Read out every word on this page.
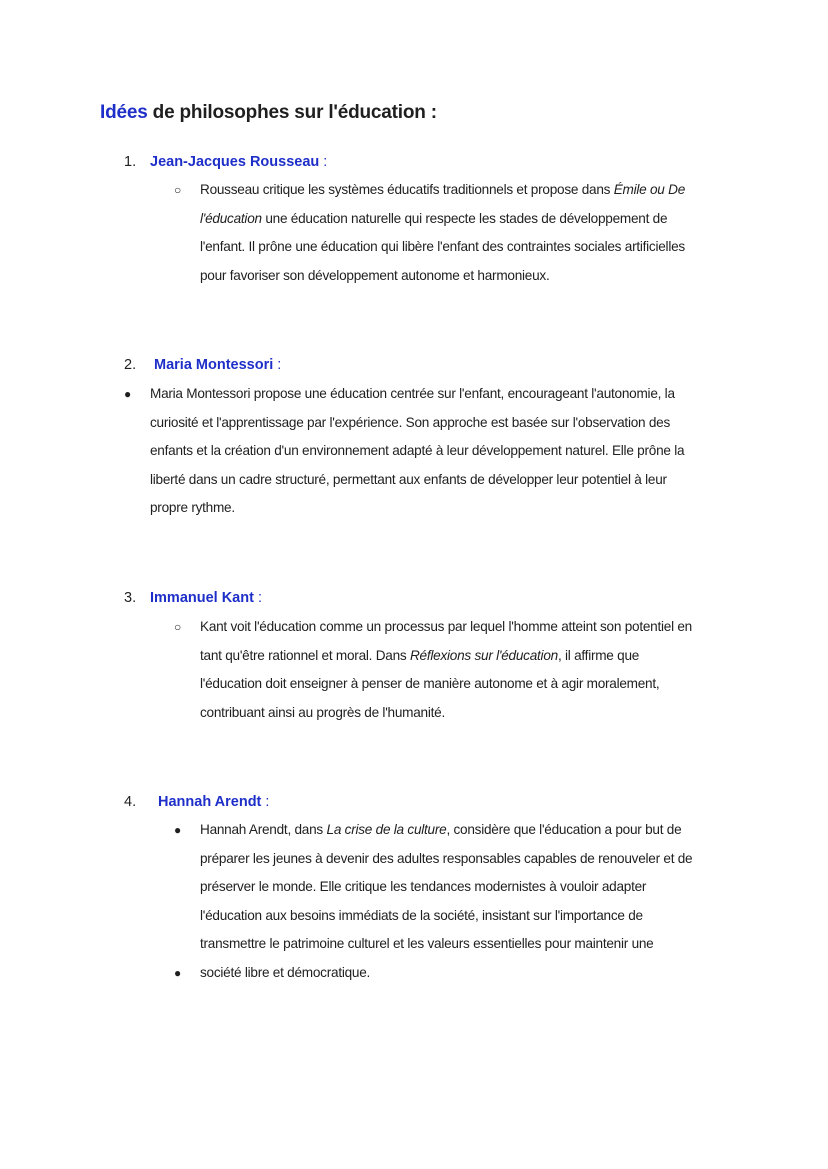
Idées de philosophes sur l'éducation :
1. Jean-Jacques Rousseau :
○ Rousseau critique les systèmes éducatifs traditionnels et propose dans Émile ou De
l'éducation une éducation naturelle qui respecte les stades de développement de
l'enfant. Il prône une éducation qui libère l'enfant des contraintes sociales artificielles
pour favoriser son développement autonome et harmonieux.
2. Maria Montessori :
● Maria Montessori propose une éducation centrée sur l'enfant, encourageant l'autonomie, la
curiosité et l'apprentissage par l'expérience. Son approche est basée sur l'observation des
enfants et la création d'un environnement adapté à leur développement naturel. Elle prône la
liberté dans un cadre structuré, permettant aux enfants de développer leur potentiel à leur
propre rythme.
3. Immanuel Kant :
○ Kant voit l'éducation comme un processus par lequel l'homme atteint son potentiel en
tant qu'être rationnel et moral. Dans Réflexions sur l'éducation, il affirme que
l'éducation doit enseigner à penser de manière autonome et à agir moralement,
contribuant ainsi au progrès de l'humanité.
4. Hannah Arendt :
●
●
Hannah Arendt, dans La crise de la culture, considère que l'éducation a pour but de
préparer les jeunes à devenir des adultes responsables capables de renouveler et de
préserver le monde. Elle critique les tendances modernistes à vouloir adapter
l'éducation aux besoins immédiats de la société, insistant sur l'importance de
transmettre le patrimoine culturel et les valeurs essentielles pour maintenir une
société libre et démocratique.
